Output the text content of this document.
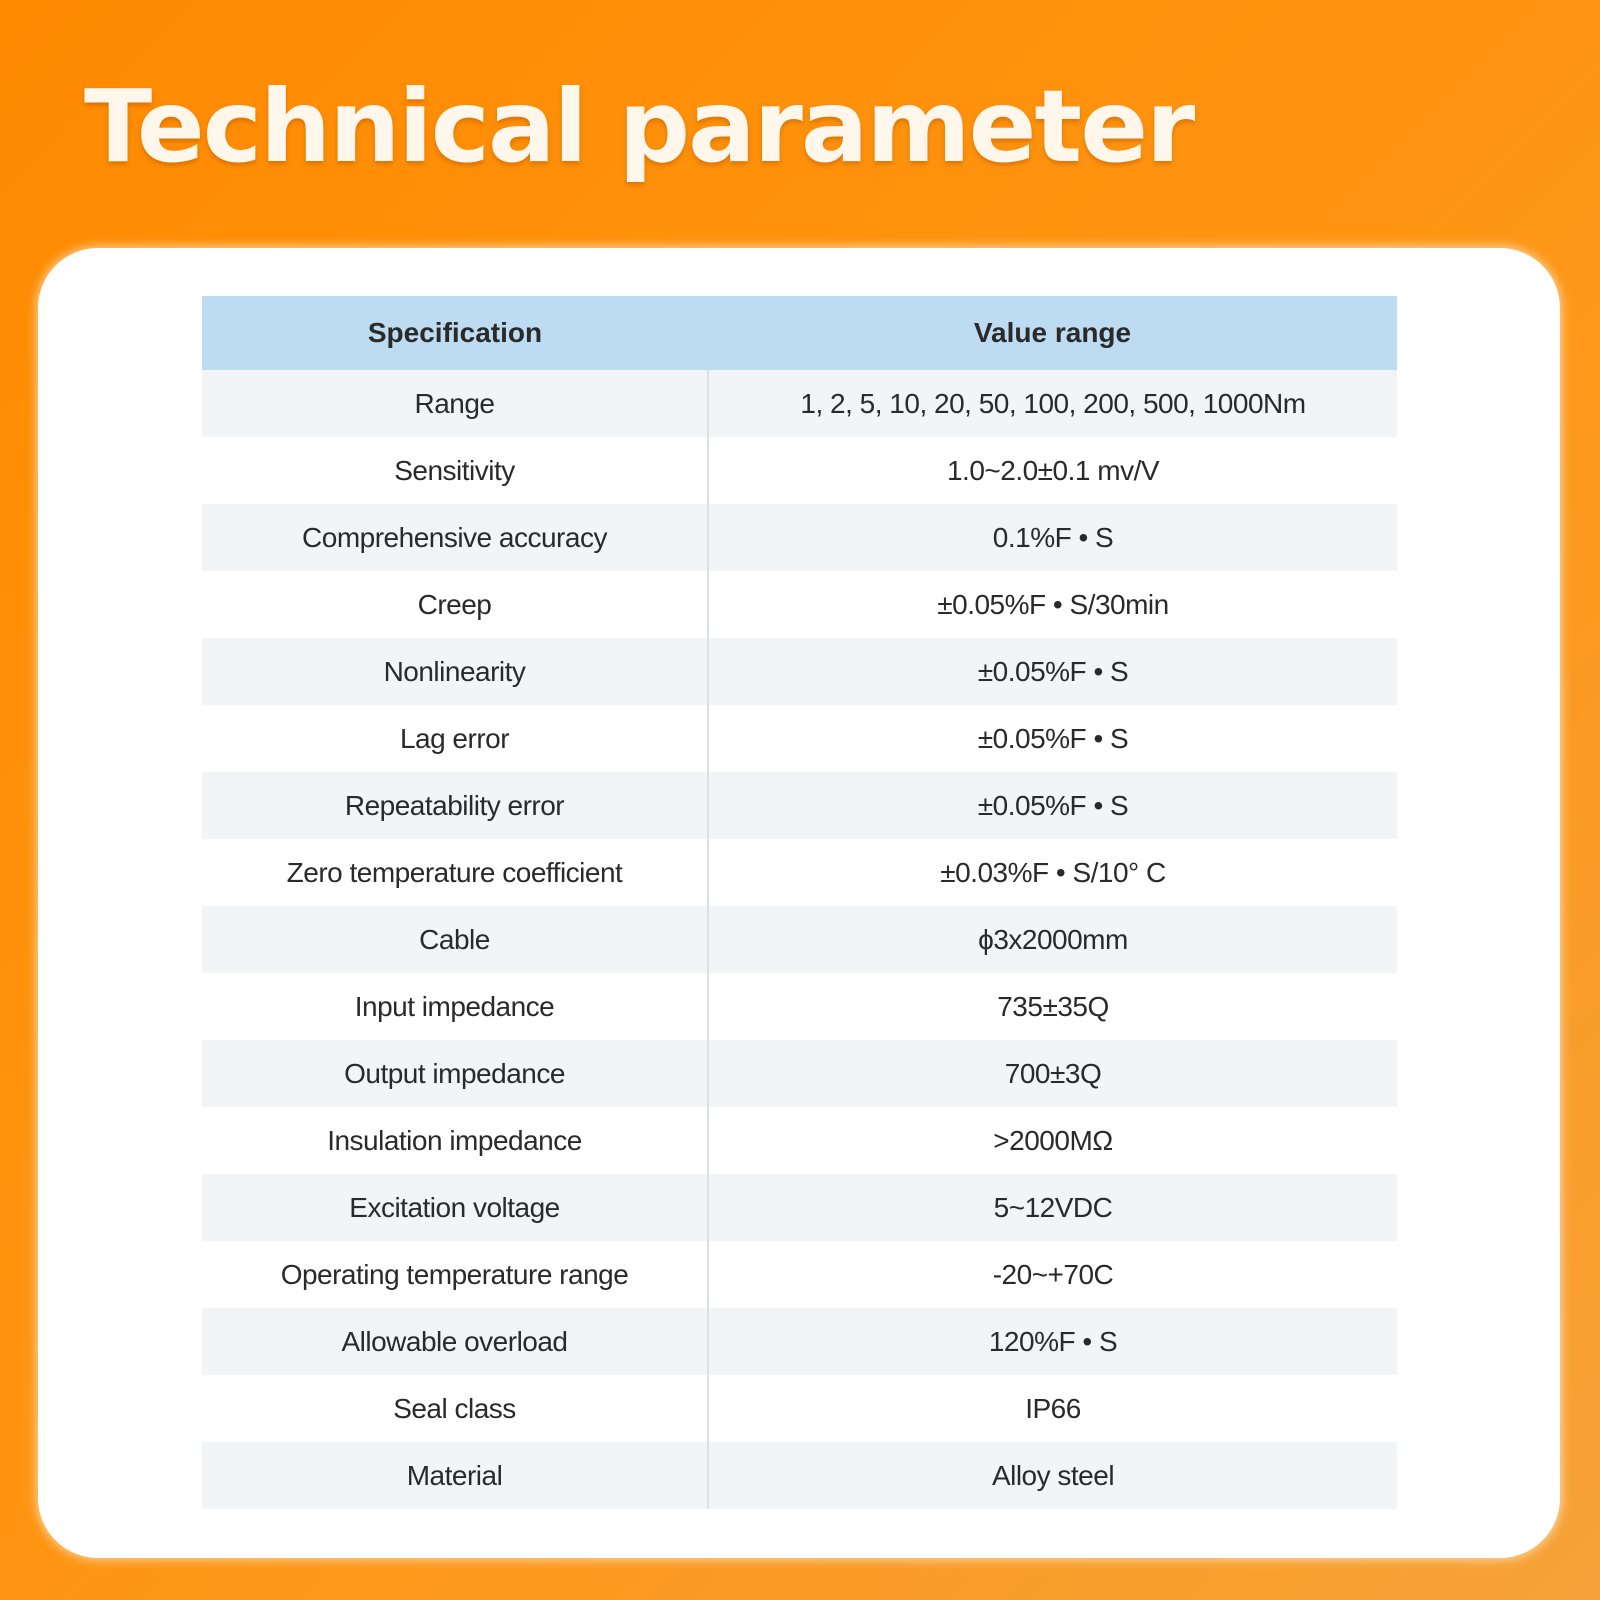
Technical parameter
Specification	Value range
Range	1, 2, 5, 10, 20, 50, 100, 200, 500, 1000Nm
Sensitivity	1.0~2.0±0.1 mv/V
Comprehensive accuracy	0.1%F • S
Creep	±0.05%F • S/30min
Nonlinearity	±0.05%F • S
Lag error	±0.05%F • S
Repeatability error	±0.05%F • S
Zero temperature coefficient	±0.03%F • S/10° C
Cable	ϕ3x2000mm
Input impedance	735±35Q
Output impedance	700±3Q
Insulation impedance	>2000MΩ
Excitation voltage	5~12VDC
Operating temperature range	-20~+70C
Allowable overload	120%F • S
Seal class	IP66
Material	Alloy steel
